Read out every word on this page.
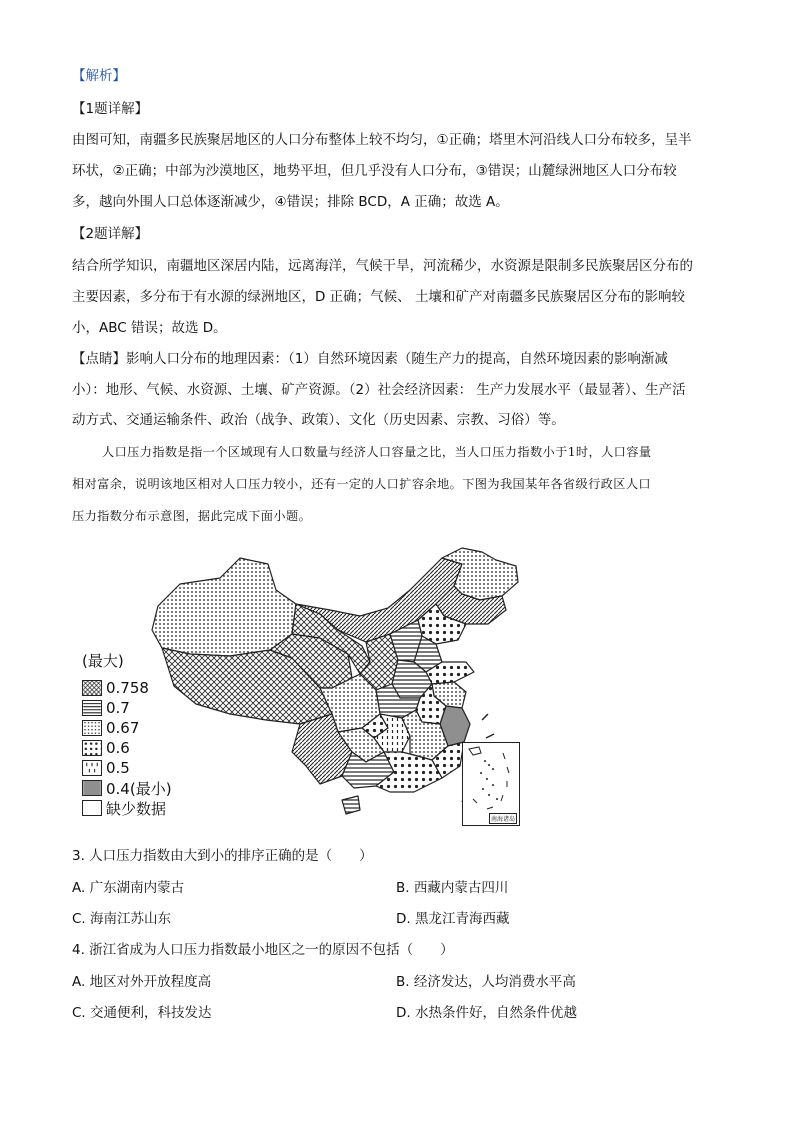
【解析】
【1题详解】
由图可知，南疆多民族聚居地区的人口分布整体上较不均匀，①正确；塔里木河沿线人口分布较多，呈半
环状，②正确；中部为沙漠地区，地势平坦，但几乎没有人口分布，③错误；山麓绿洲地区人口分布较
多，越向外围人口总体逐渐减少，④错误；排除 BCD，A 正确；故选 A。
【2题详解】
结合所学知识，南疆地区深居内陆，远离海洋，气候干旱，河流稀少，水资源是限制多民族聚居区分布的
主要因素，多分布于有水源的绿洲地区，D 正确；气候、 土壤和矿产对南疆多民族聚居区分布的影响较
小，ABC 错误；故选 D。
【点睛】影响人口分布的地理因素：（1）自然环境因素（随生产力的提高，自然环境因素的影响渐减
小）：地形、气候、水资源、土壤、矿产资源。（2）社会经济因素： 生产力发展水平（最显著）、生产活
动方式、交通运输条件、政治（战争、政策）、文化（历史因素、宗教、习俗）等。
人口压力指数是指一个区域现有人口数量与经济人口容量之比，当人口压力指数小于1时，人口容量
相对富余，说明该地区相对人口压力较小，还有一定的人口扩容余地。下图为我国某年各省级行政区人口
压力指数分布示意图，据此完成下面小题。
南海诸岛
(最大)
0.758
0.7
0.67
0.6
0.5
0.4(最小)
缺少数据
3. 人口压力指数由大到小的排序正确的是（　　）
A. 广东湖南内蒙古	B. 西藏内蒙古四川
C. 海南江苏山东	D. 黑龙江青海西藏
4. 浙江省成为人口压力指数最小地区之一的原因不包括（　　）
A. 地区对外开放程度高	B. 经济发达，人均消费水平高
C. 交通便利，科技发达	D. 水热条件好，自然条件优越
